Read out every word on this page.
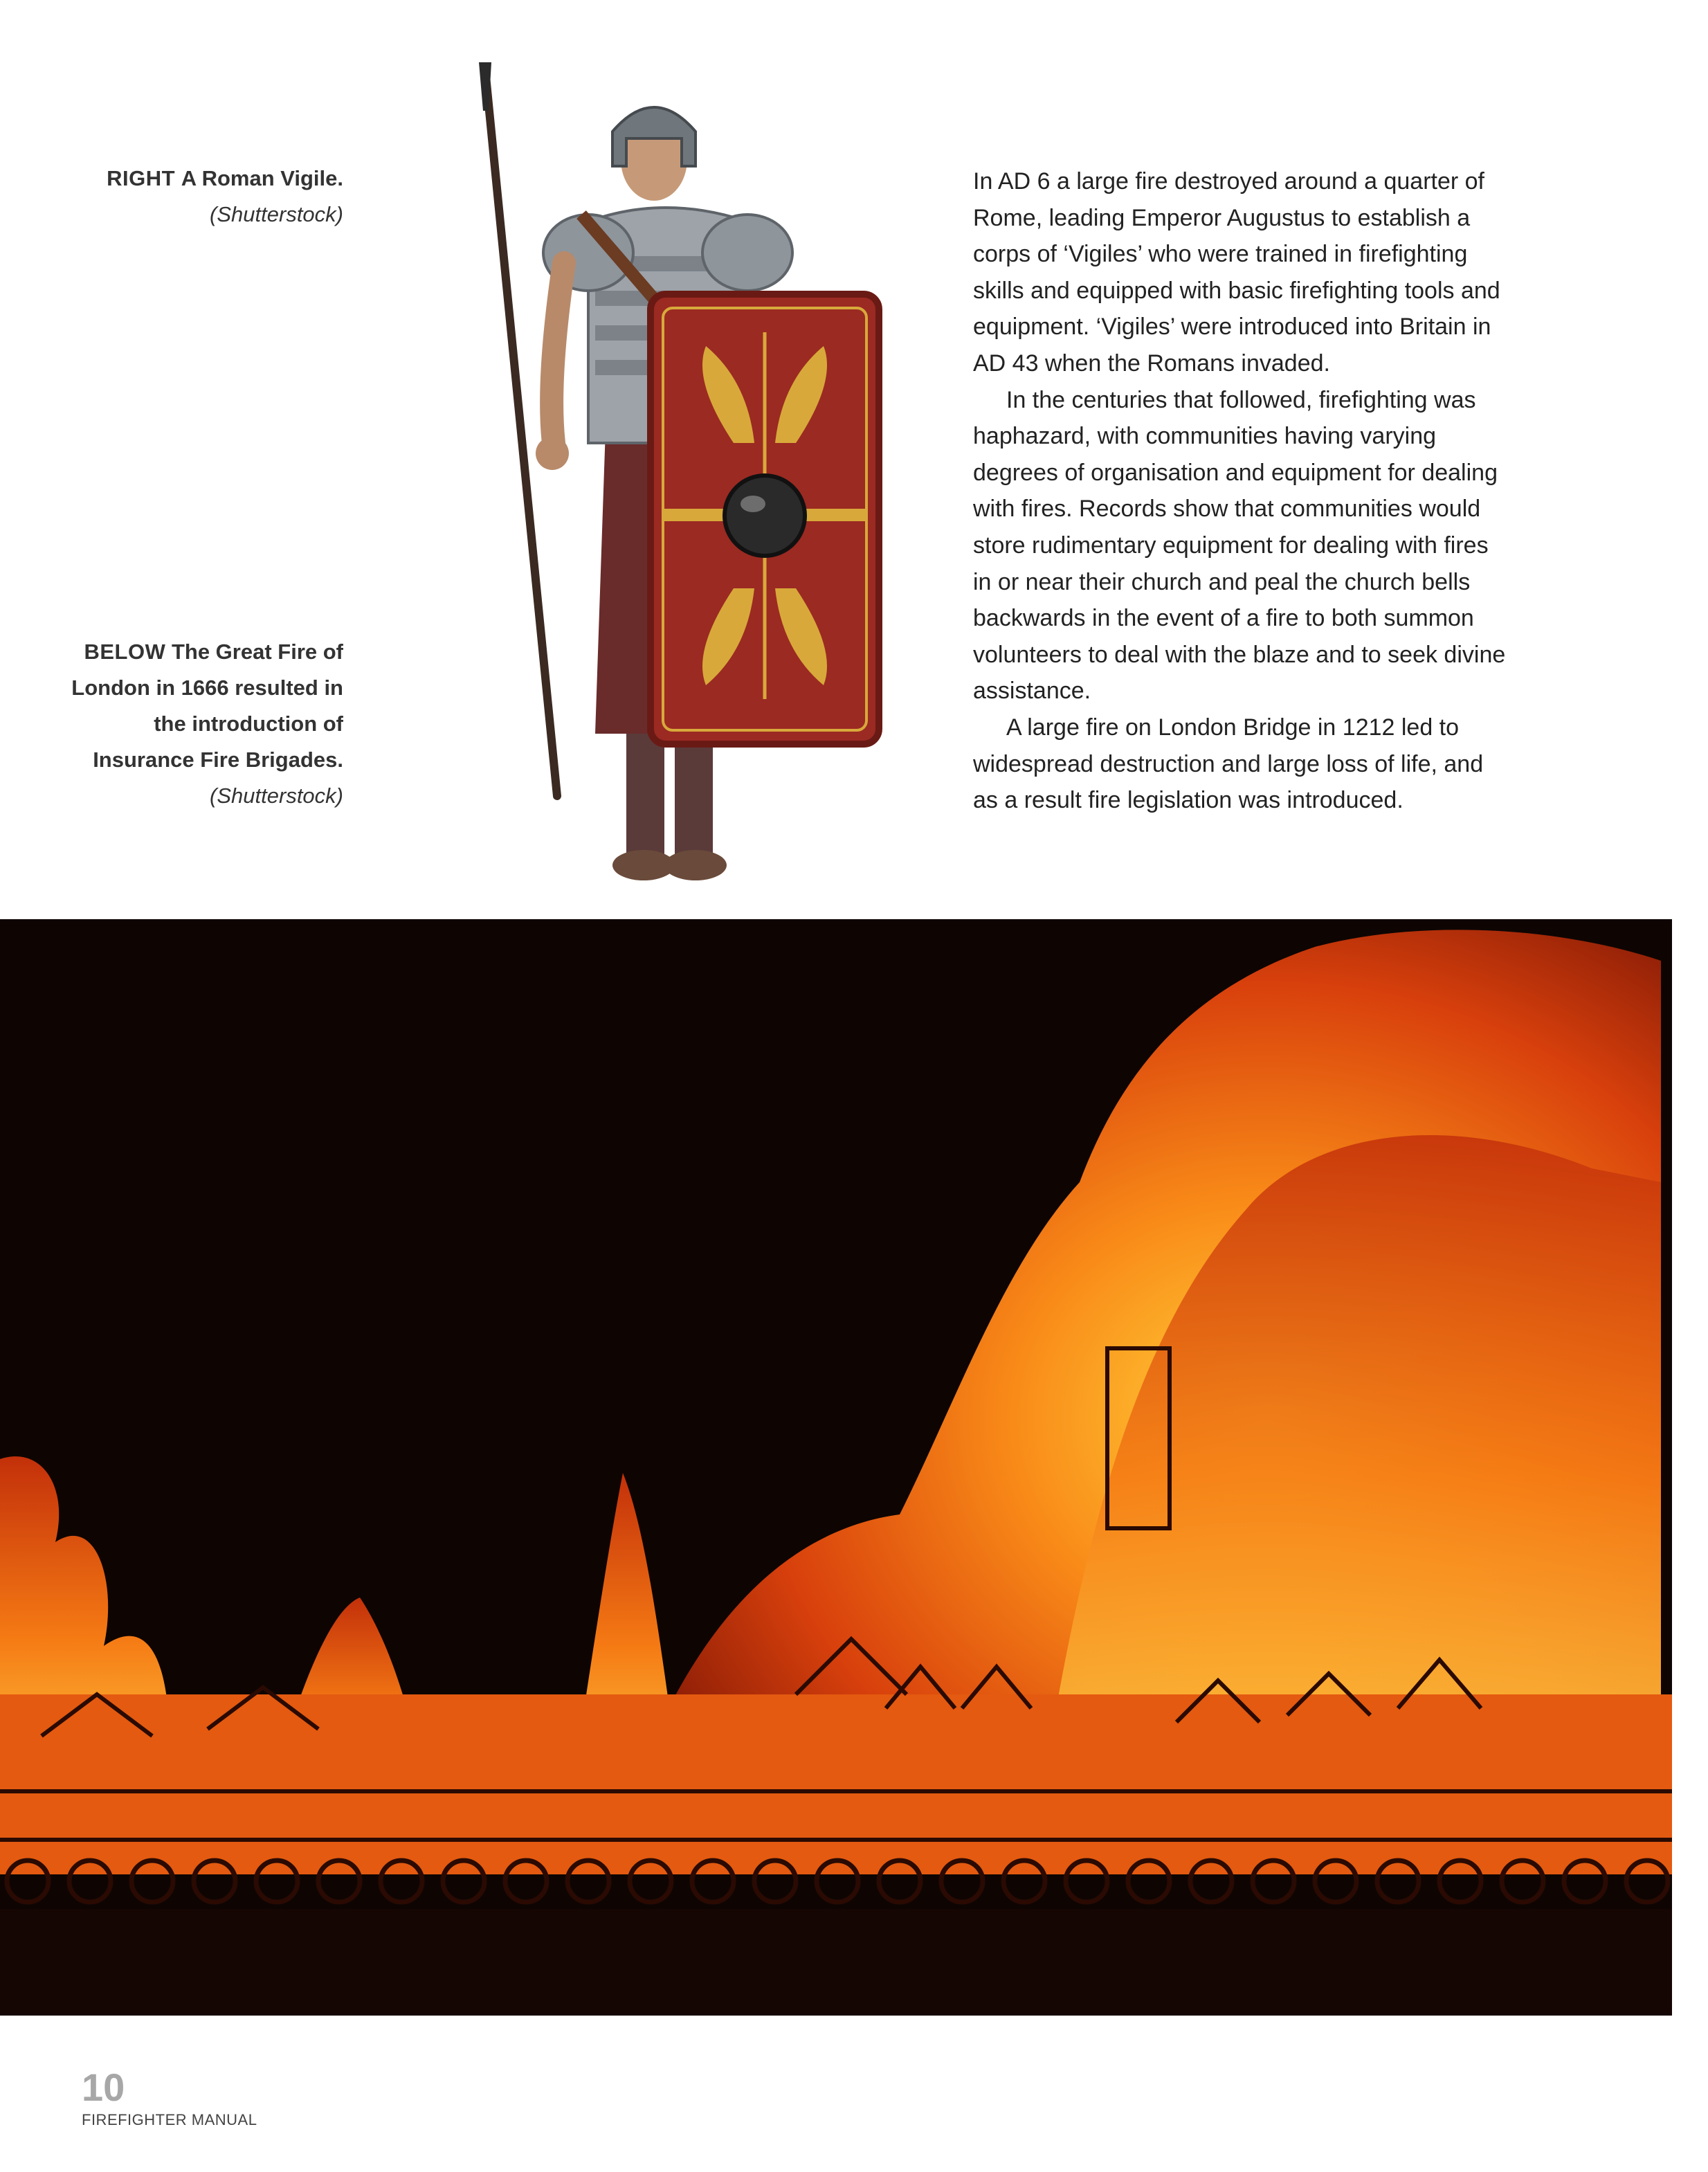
RIGHT A Roman Vigile. (Shutterstock)
BELOW The Great Fire of London in 1666 resulted in the introduction of Insurance Fire Brigades.
(Shutterstock)

In AD 6 a large fire destroyed around a quarter of Rome, leading Emperor Augustus to establish a corps of ‘Vigiles’ who were trained in firefighting skills and equipped with basic firefighting tools and equipment. ‘Vigiles’ were introduced into Britain in AD 43 when the Romans invaded.

In the centuries that followed, firefighting was haphazard, with communities having varying degrees of organisation and equipment for dealing with fires. Records show that communities would store rudimentary equipment for dealing with fires in or near their church and peal the church bells backwards in the event of a fire to both summon volunteers to deal with the blaze and to seek divine assistance.

A large fire on London Bridge in 1212 led to widespread destruction and large loss of life, and as a result fire legislation was introduced.

10
FIREFIGHTER MANUAL
